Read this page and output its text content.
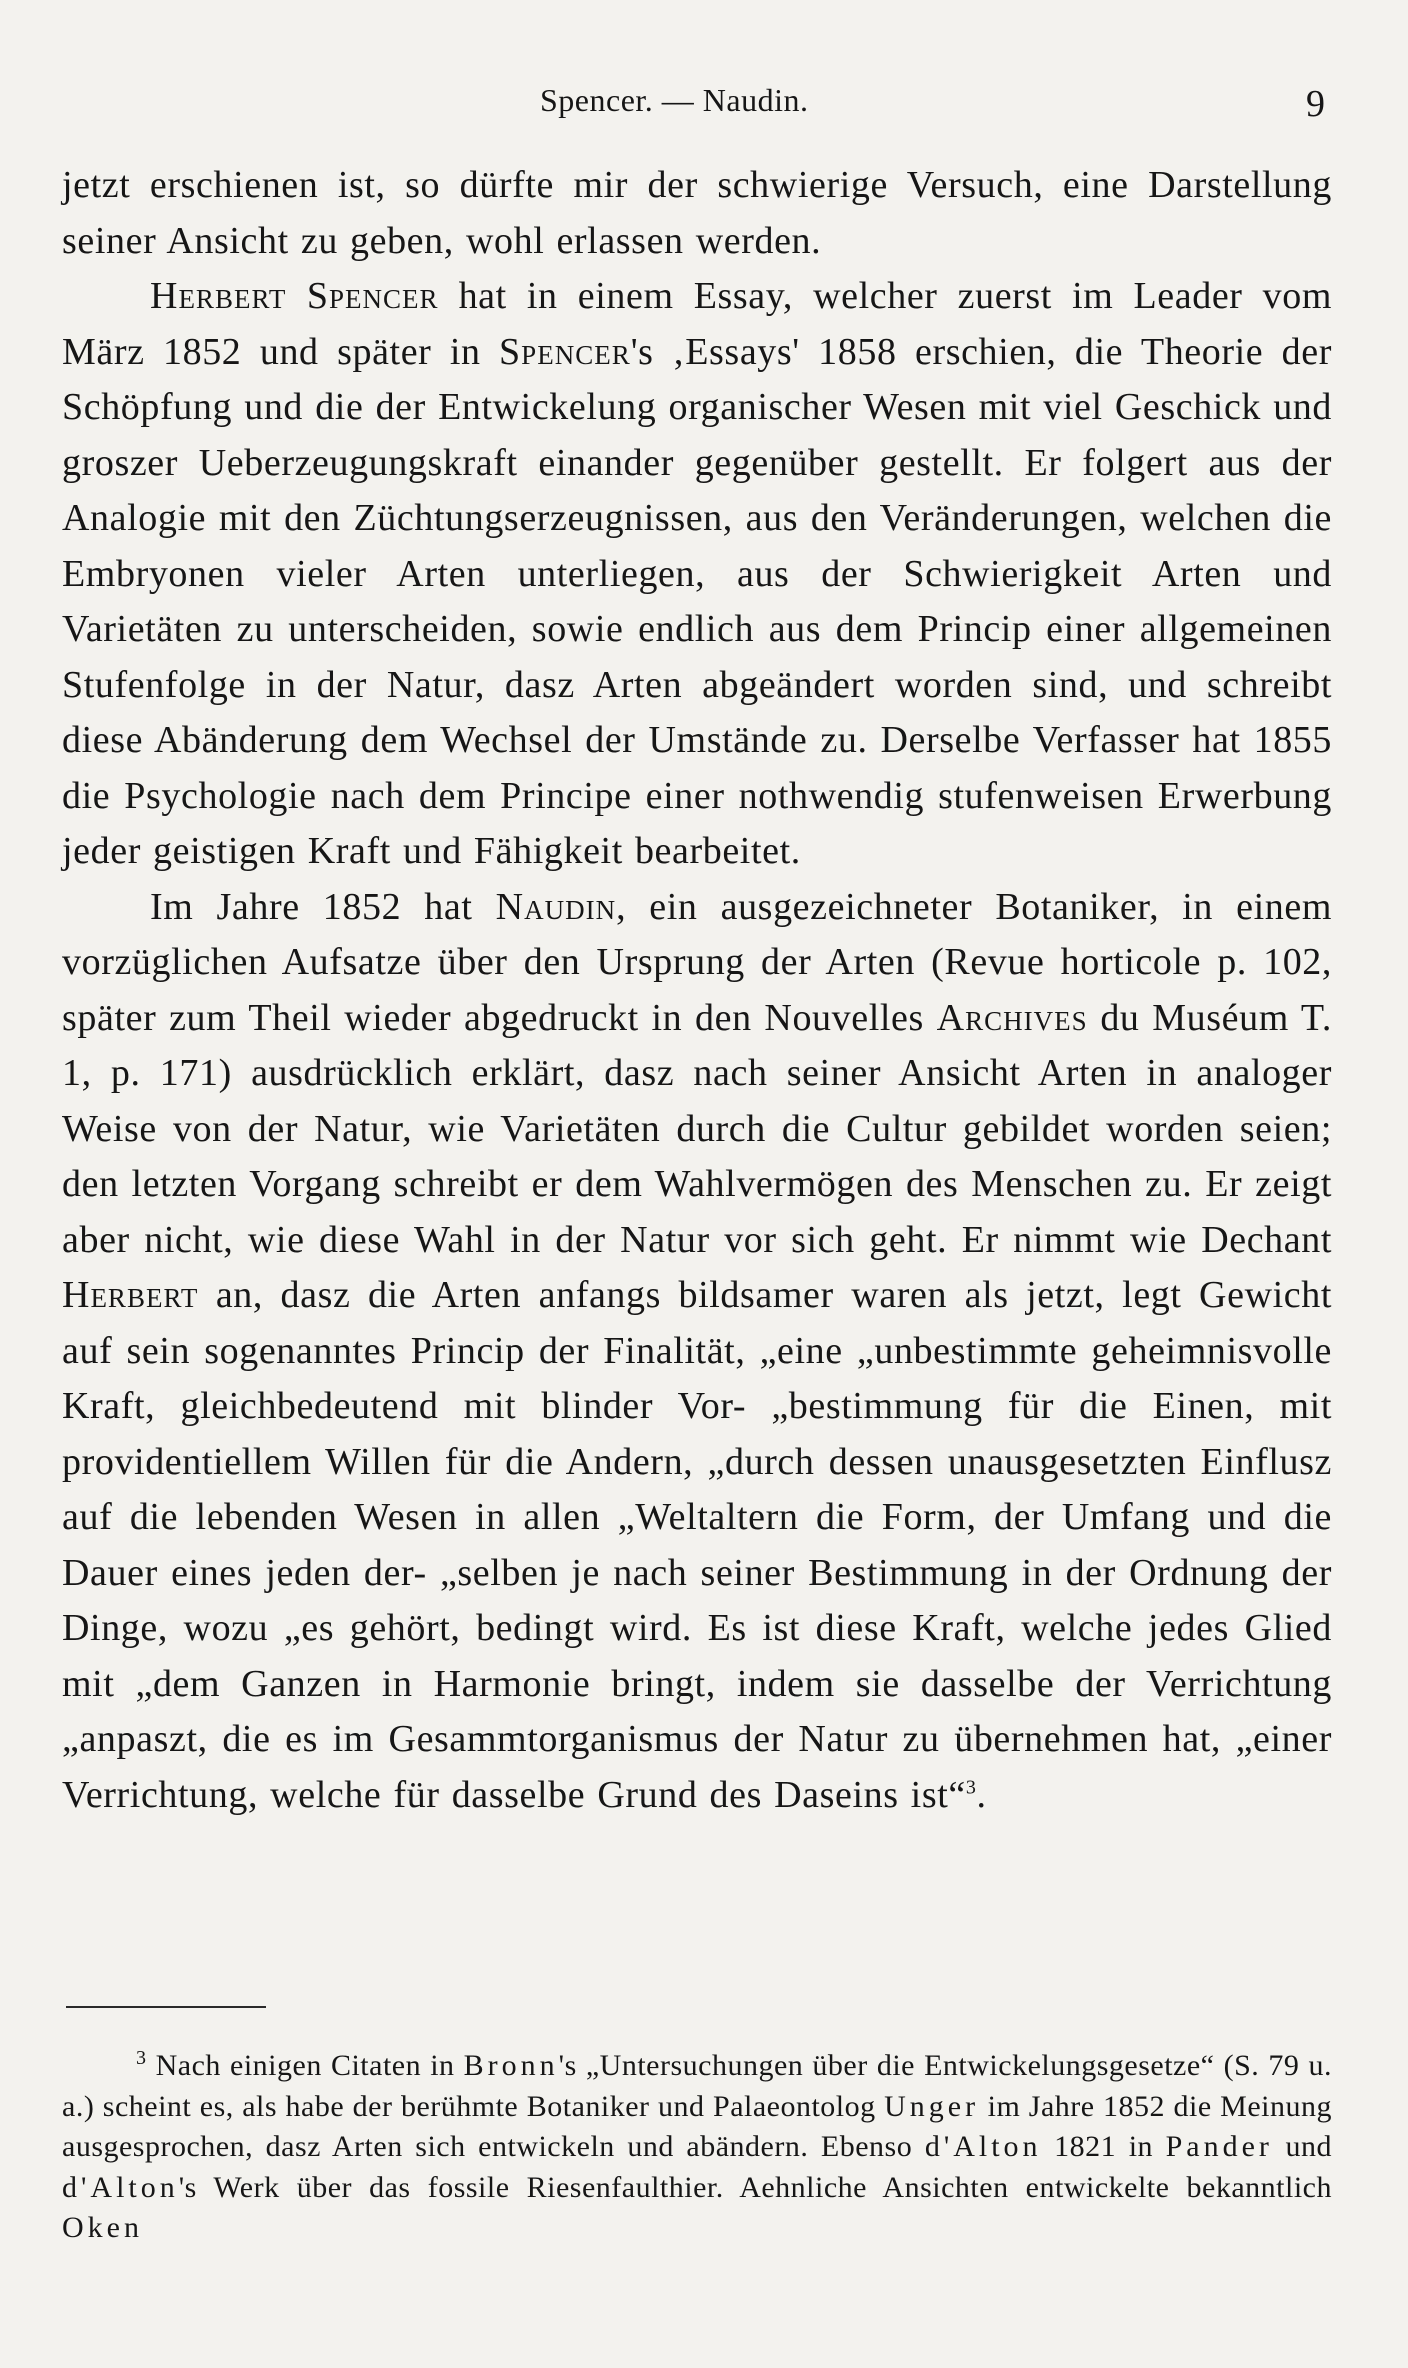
Spencer. — Naudin.	9

jetzt erschienen ist, so dürfte mir der schwierige Versuch, eine Darstellung seiner Ansicht zu geben, wohl erlassen werden.

Herbert Spencer hat in einem Essay, welcher zuerst im Leader vom März 1852 und später in Spencer's ‚Essays' 1858 erschien, die Theorie der Schöpfung und die der Entwickelung organischer Wesen mit viel Geschick und groszer Ueberzeugungskraft einander gegenüber gestellt. Er folgert aus der Analogie mit den Züchtungserzeugnissen, aus den Veränderungen, welchen die Embryonen vieler Arten unterliegen, aus der Schwierigkeit Arten und Varietäten zu unterscheiden, sowie endlich aus dem Princip einer allgemeinen Stufenfolge in der Natur, dasz Arten abgeändert worden sind, und schreibt diese Abänderung dem Wechsel der Umstände zu. Derselbe Verfasser hat 1855 die Psychologie nach dem Principe einer nothwendig stufenweisen Erwerbung jeder geistigen Kraft und Fähigkeit bearbeitet.

Im Jahre 1852 hat Naudin, ein ausgezeichneter Botaniker, in einem vorzüglichen Aufsatze über den Ursprung der Arten (Revue horticole p. 102, später zum Theil wieder abgedruckt in den Nouvelles Archives du Muséum T. 1, p. 171) ausdrücklich erklärt, dasz nach seiner Ansicht Arten in analoger Weise von der Natur, wie Varietäten durch die Cultur gebildet worden seien; den letzten Vorgang schreibt er dem Wahlvermögen des Menschen zu. Er zeigt aber nicht, wie diese Wahl in der Natur vor sich geht. Er nimmt wie Dechant Herbert an, dasz die Arten anfangs bildsamer waren als jetzt, legt Gewicht auf sein sogenanntes Princip der Finalität, „eine „unbestimmte geheimnisvolle Kraft, gleichbedeutend mit blinder Vor- „bestimmung für die Einen, mit providentiellem Willen für die Andern, „durch dessen unausgesetzten Einflusz auf die lebenden Wesen in allen „Weltaltern die Form, der Umfang und die Dauer eines jeden der- „selben je nach seiner Bestimmung in der Ordnung der Dinge, wozu „es gehört, bedingt wird. Es ist diese Kraft, welche jedes Glied mit „dem Ganzen in Harmonie bringt, indem sie dasselbe der Verrichtung „anpaszt, die es im Gesammtorganismus der Natur zu übernehmen hat, „einer Verrichtung, welche für dasselbe Grund des Daseins ist“$^3$.

$^3$ Nach einigen Citaten in Bronn's „Untersuchungen über die Entwickelungsgesetze“ (S. 79 u. a.) scheint es, als habe der berühmte Botaniker und Palaeontolog Unger im Jahre 1852 die Meinung ausgesprochen, dasz Arten sich entwickeln und abändern. Ebenso d'Alton 1821 in Pander und d'Alton's Werk über das fossile Riesenfaulthier. Aehnliche Ansichten entwickelte bekanntlich Oken
